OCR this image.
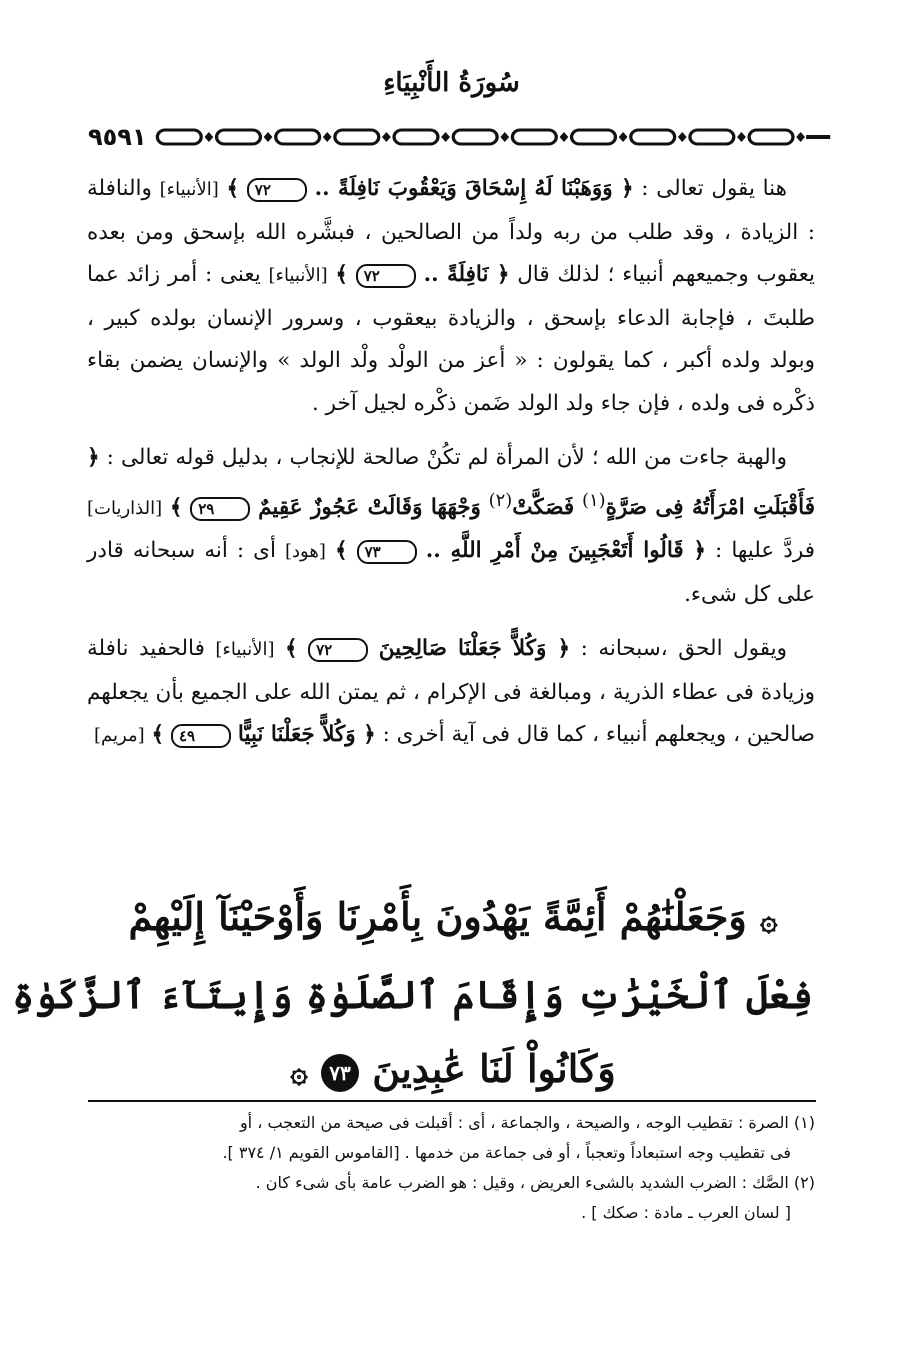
سُورَةُ الأَنْبِيَاءِ
٩٥٩١

هنا يقول تعالى : ﴿ وَوَهَبْنَا لَهُ إِسْحَاقَ وَيَعْقُوبَ نَافِلَةً .. ٧٢ ﴾ [الأنبياء] والنافلة : الزيادة ، وقد طلب من ربه ولداً من الصالحين ، فبشَّره الله بإسحق ومن بعده يعقوب وجميعهم أنبياء ؛ لذلك قال ﴿ نَافِلَةً .. ٧٢ ﴾ [الأنبياء] يعنى : أمر زائد عما طلبتَ ، فإجابة الدعاء بإسحق ، والزيادة بيعقوب ، وسرور الإنسان بولده كبير ، وبولد ولده أكبر ، كما يقولون : « أعز من الولْد ولْد الولد » والإنسان يضمن بقاء ذكْره فى ولده ، فإن جاء ولد الولد ضَمن ذكْره لجيل آخر .

والهبة جاءت من الله ؛ لأن المرأة لم تكُنْ صالحة للإنجاب ، بدليل قوله تعالى : ﴿ فَأَقْبَلَتِ امْرَأَتُهُ فِى صَرَّةٍ$^{(١)}$ فَصَكَّتْ$^{(٢)}$ وَجْهَهَا وَقَالَتْ عَجُوزٌ عَقِيمٌ ٢٩ ﴾ [الذاريات] فردَّ عليها : ﴿ قَالُوا أَتَعْجَبِينَ مِنْ أَمْرِ اللَّهِ .. ٧٣ ﴾ [هود] أى : أنه سبحانه قادر على كل شىء.

ويقول الحق ،سبحانه : ﴿ وَكُلاًّ جَعَلْنَا صَالِحِينَ ٧٢ ﴾ [الأنبياء] فالحفيد نافلة وزيادة فى عطاء الذرية ، ومبالغة فى الإكرام ، ثم يمتن الله على الجميع بأن يجعلهم صالحين ، ويجعلهم أنبياء ، كما قال فى آية أخرى : ﴿ وَكُلاًّ جَعَلْنَا نَبِيًّا ٤٩ ﴾ [مريم]

۞ وَجَعَلْنَٰهُمْ أَئِمَّةً يَهْدُونَ بِأَمْرِنَا وَأَوْحَيْنَآ إِلَيْهِمْ
فِعْلَ ٱلْخَيْرَٰتِ وَإِقَامَ ٱلصَّلَوٰةِ وَإِيتَآءَ ٱلزَّكَوٰةِ
وَكَانُواْ لَنَا عَٰبِدِينَ ٧٣ ۞

(١) الصرة : تقطيب الوجه ، والصيحة ، والجماعة ، أى : أقبلت فى صيحة من التعجب ، أو

فى تقطيب وجه استبعاداً وتعجباً ، أو فى جماعة من خدمها . [القاموس القويم ١/ ٣٧٤ ].

(٢) الصَّك : الضرب الشديد بالشىء العريض ، وقيل : هو الضرب عامة بأى شىء كان .

[ لسان العرب ـ مادة : صكك ] .
